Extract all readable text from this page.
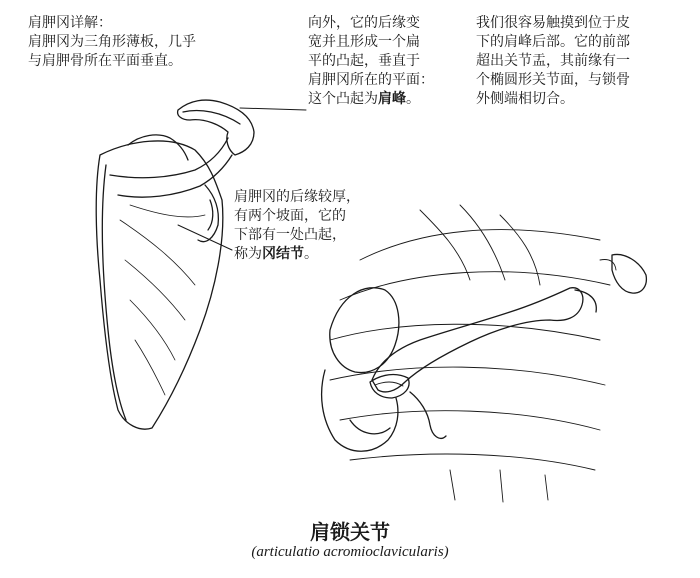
肩胛冈详解：
肩胛冈为三角形薄板，几乎
与肩胛骨所在平面垂直。
向外，它的后缘变
宽并且形成一个扁
平的凸起，垂直于
肩胛冈所在的平面：
这个凸起为肩峰。
我们很容易触摸到位于皮
下的肩峰后部。它的前部
超出关节盂，其前缘有一
个椭圆形关节面，与锁骨
外侧端相切合。
肩胛冈的后缘较厚，
有两个坡面，它的
下部有一处凸起，
称为冈结节。
肩锁关节
(articulatio acromioclavicularis)
